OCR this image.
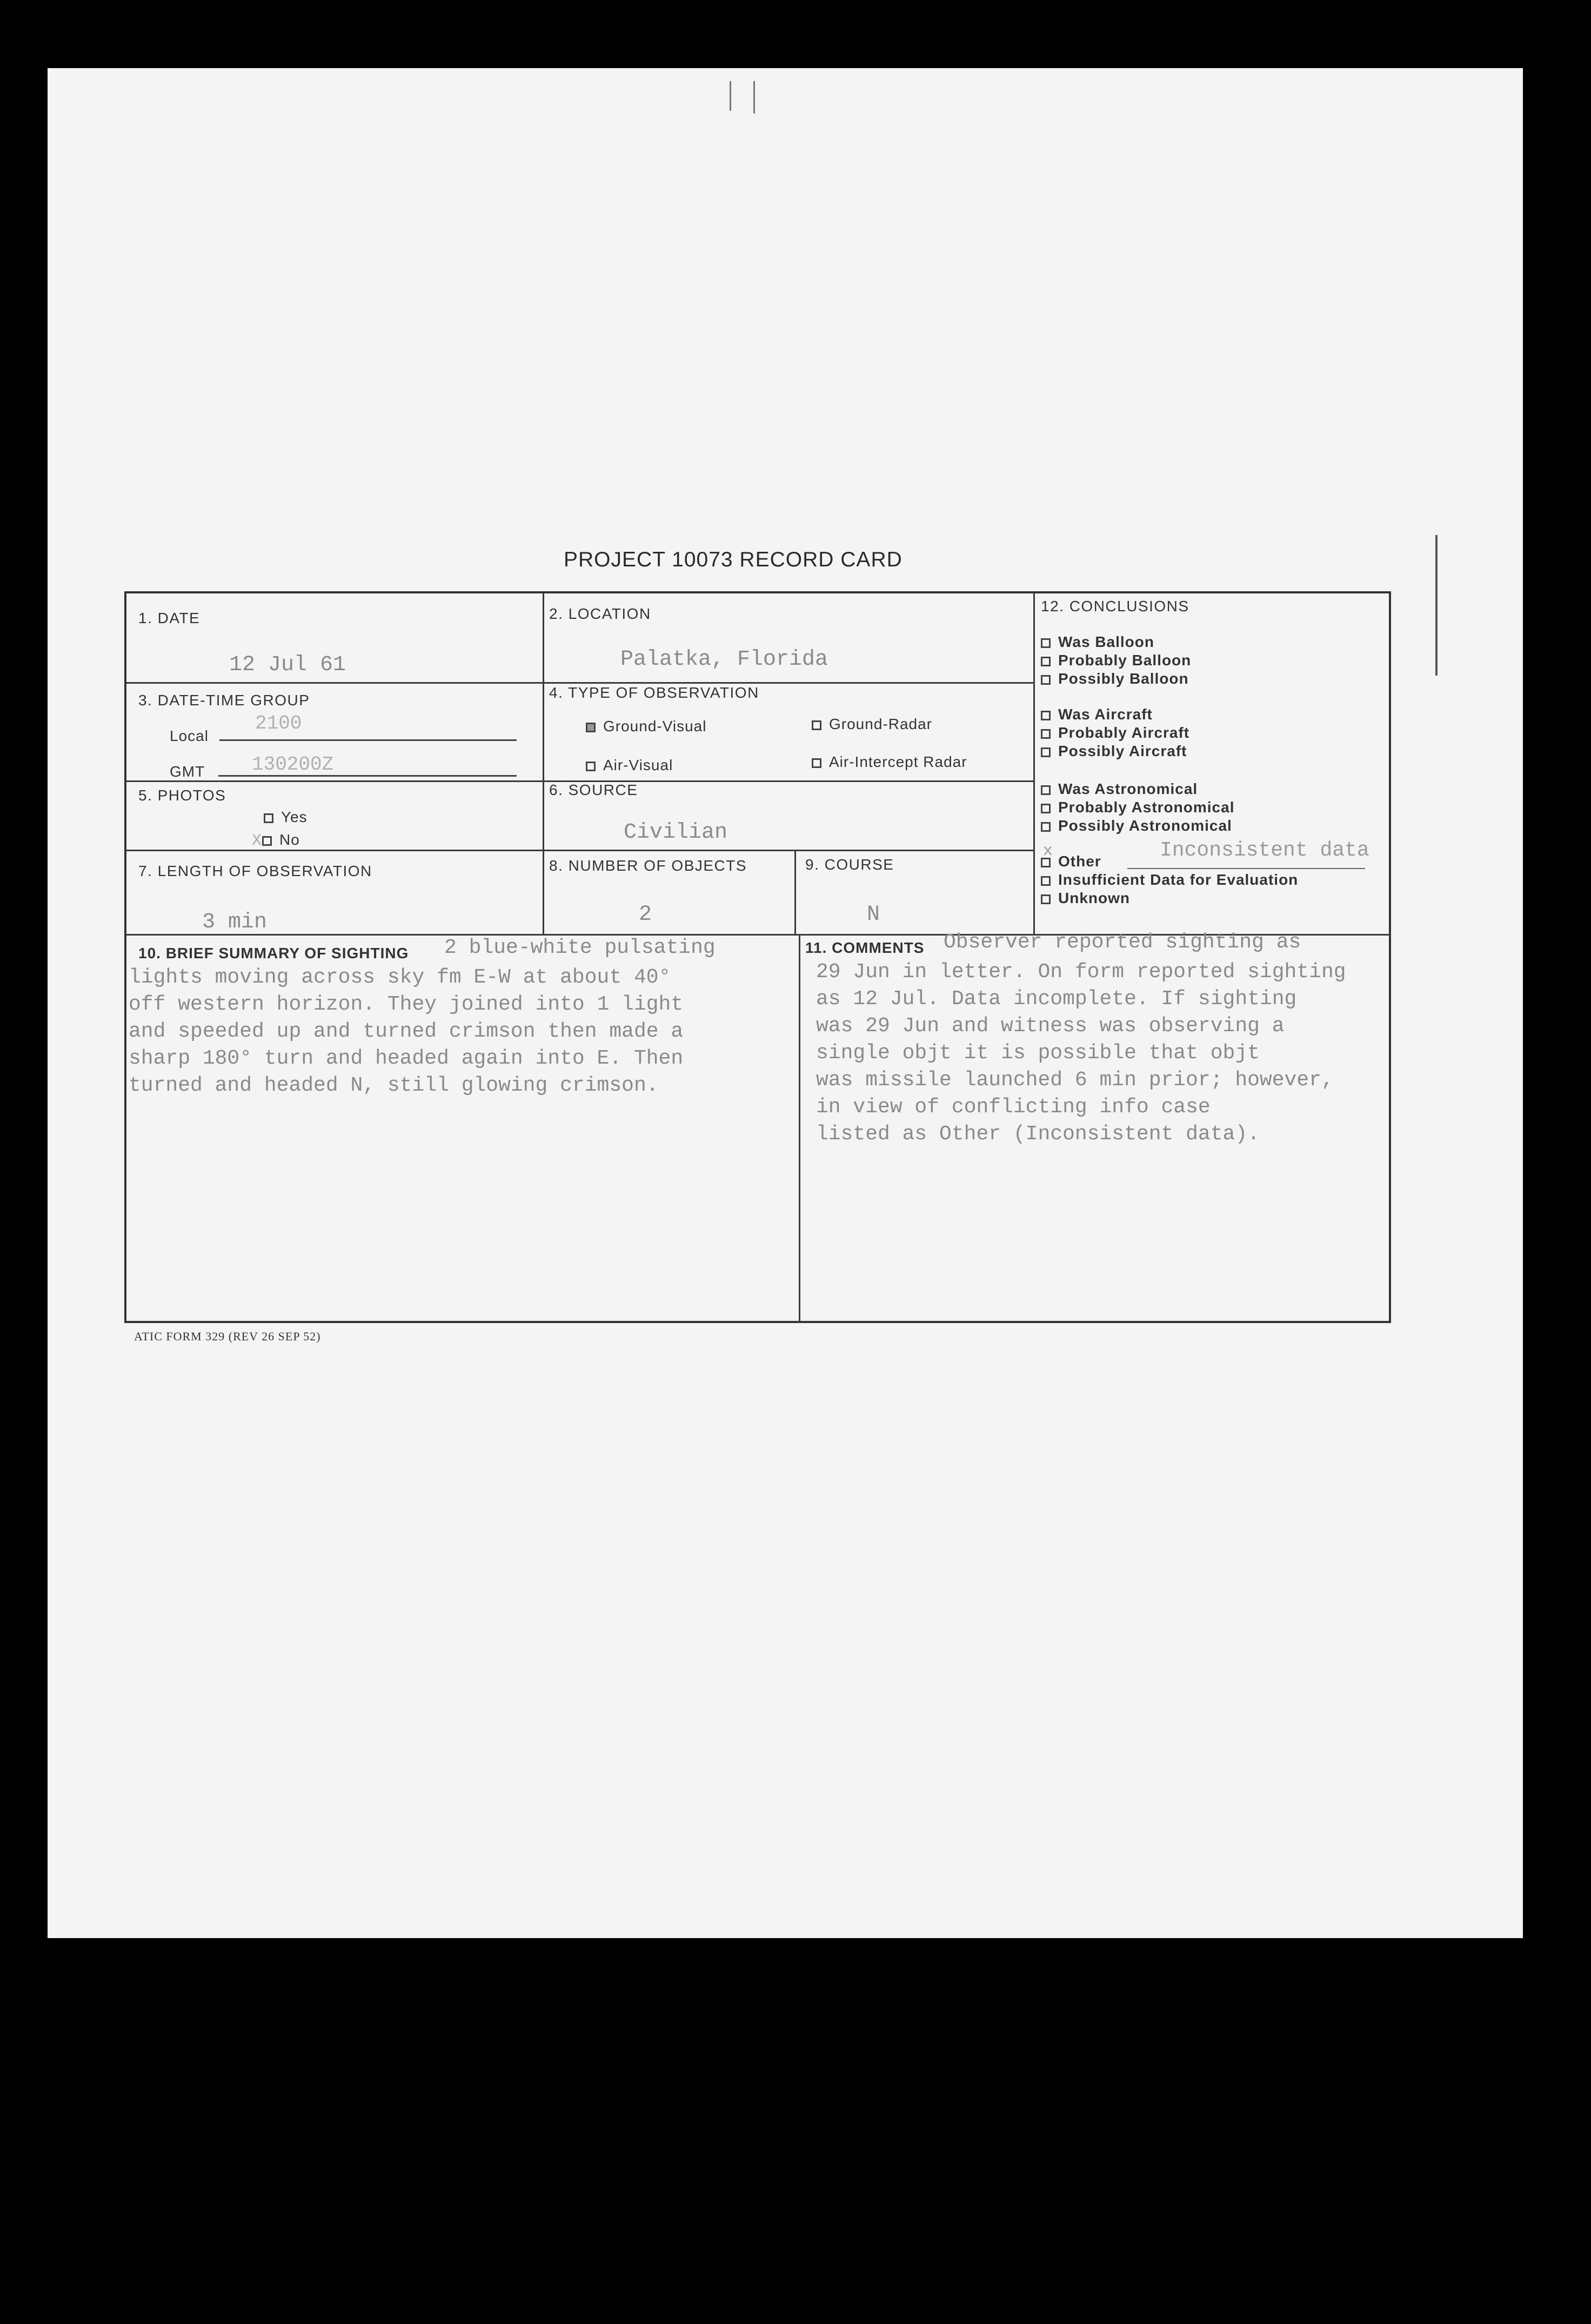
PROJECT 10073 RECORD CARD
1. DATE
12 Jul 61
2. LOCATION
Palatka, Florida
3. DATE-TIME GROUP
Local
2100
GMT 130200Z
4. TYPE OF OBSERVATION
Ground-Visual	Ground-Radar
Air-Visual	Air-Intercept Radar
5. PHOTOS
Yes
X No
6. SOURCE
Civilian
7. LENGTH OF OBSERVATION
3 min
8. NUMBER OF OBJECTS
2
9. COURSE
N
12. CONCLUSIONS
Was Balloon
Probably Balloon
Possibly Balloon
Was Aircraft
Probably Aircraft
Possibly Aircraft
Was Astronomical
Probably Astronomical
Possibly Astronomical
Other
x	Inconsistent data
Insufficient Data for Evaluation
Unknown
10. BRIEF SUMMARY OF SIGHTING 2 blue-white pulsating
lights moving across sky fm E-W at about 40°
off western horizon. They joined into 1 light
and speeded up and turned crimson then made a
sharp 180° turn and headed again into E. Then
turned and headed N, still glowing crimson.
11. COMMENTS Observer reported sighting as
29 Jun in letter. On form reported sighting
as 12 Jul. Data incomplete. If sighting
was 29 Jun and witness was observing a
single objt it is possible that objt
was missile launched 6 min prior; however,
in view of conflicting info case
listed as Other (Inconsistent data).
ATIC FORM 329 (REV 26 SEP 52)
